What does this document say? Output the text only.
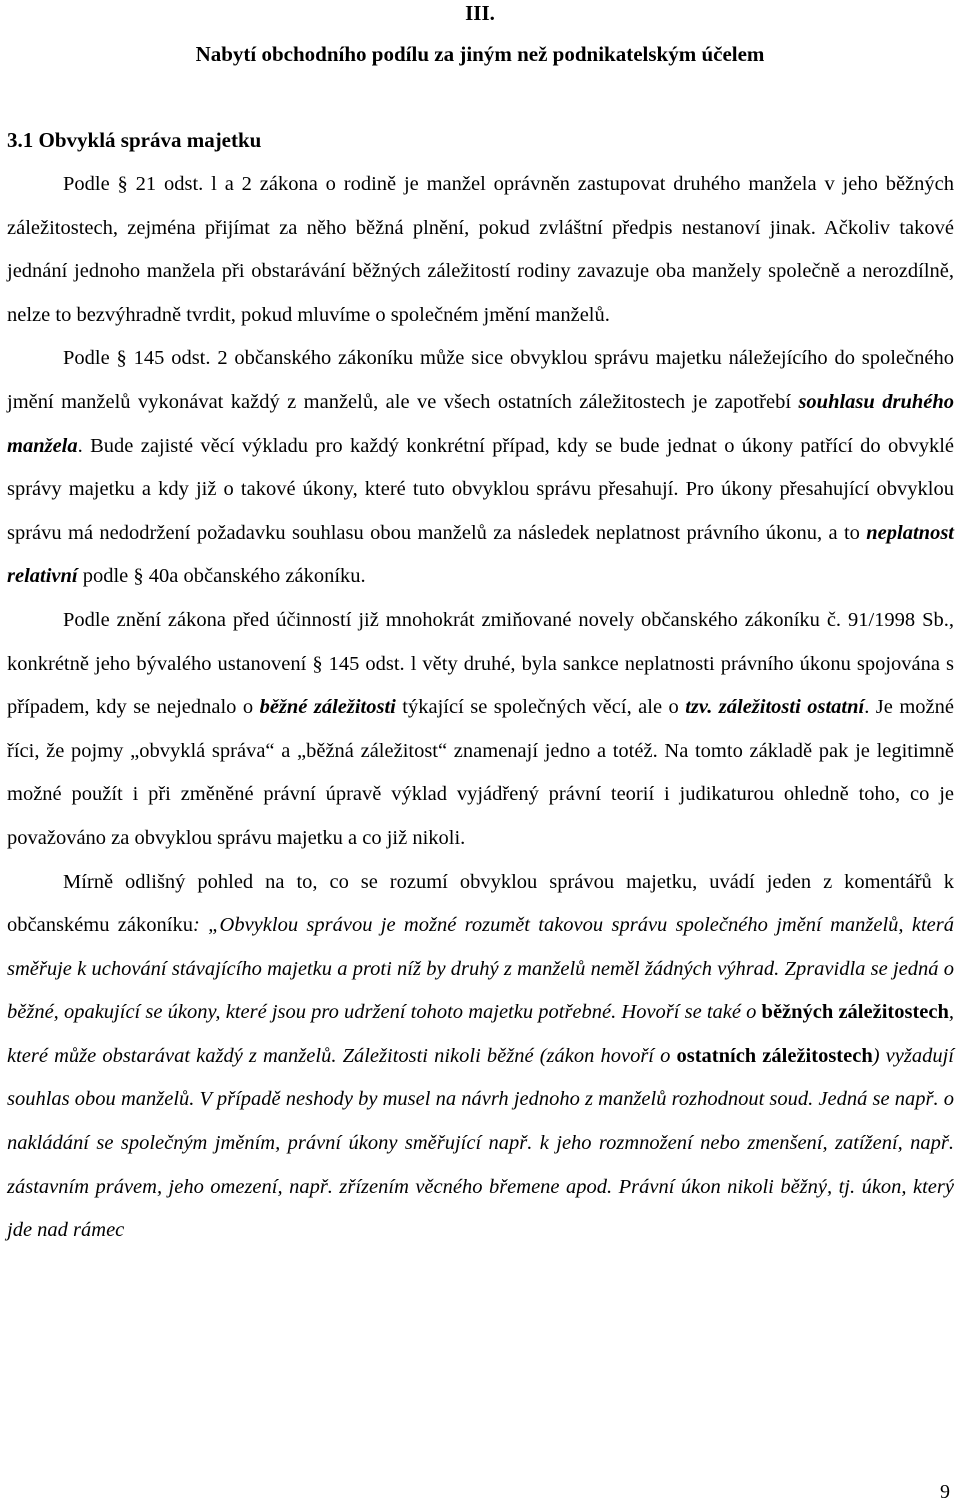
III.
Nabytí obchodního podílu za jiným než podnikatelským účelem
3.1 Obvyklá správa majetku

Podle § 21 odst. l a 2 zákona o rodině je manžel oprávněn zastupovat druhého manžela v jeho běžných záležitostech, zejména přijímat za něho běžná plnění, pokud zvláštní předpis nestanoví jinak. Ačkoliv takové jednání jednoho manžela při obstarávání běžných záležitostí rodiny zavazuje oba manžely společně a nerozdílně, nelze to bezvýhradně tvrdit, pokud mluvíme o společném jmění manželů.

Podle § 145 odst. 2 občanského zákoníku může sice obvyklou správu majetku náležejícího do společného jmění manželů vykonávat každý z manželů, ale ve všech ostatních záležitostech je zapotřebí souhlasu druhého manžela. Bude zajisté věcí výkladu pro každý konkrétní případ, kdy se bude jednat o úkony patřící do obvyklé správy majetku a kdy již o takové úkony, které tuto obvyklou správu přesahují. Pro úkony přesahující obvyklou správu má nedodržení požadavku souhlasu obou manželů za následek neplatnost právního úkonu, a to neplatnost relativní podle § 40a občanského zákoníku.

Podle znění zákona před účinností již mnohokrát zmiňované novely občanského zákoníku č. 91/1998 Sb., konkrétně jeho bývalého ustanovení § 145 odst. l věty druhé, byla sankce neplatnosti právního úkonu spojována s případem, kdy se nejednalo o běžné záležitosti týkající se společných věcí, ale o tzv. záležitosti ostatní. Je možné říci, že pojmy „obvyklá správa“ a „běžná záležitost“ znamenají jedno a totéž. Na tomto základě pak je legitimně možné použít i při změněné právní úpravě výklad vyjádřený právní teorií i judikaturou ohledně toho, co je považováno za obvyklou správu majetku a co již nikoli.

Mírně odlišný pohled na to, co se rozumí obvyklou správou majetku, uvádí jeden z komentářů k občanskému zákoníku: „Obvyklou správou je možné rozumět takovou správu společného jmění manželů, která směřuje k uchování stávajícího majetku a proti níž by druhý z manželů neměl žádných výhrad. Zpravidla se jedná o běžné, opakující se úkony, které jsou pro udržení tohoto majetku potřebné. Hovoří se také o běžných záležitostech, které může obstarávat každý z manželů. Záležitosti nikoli běžné (zákon hovoří o ostatních záležitostech) vyžadují souhlas obou manželů. V případě neshody by musel na návrh jednoho z manželů rozhodnout soud. Jedná se např. o nakládání se společným jměním, právní úkony směřující např. k jeho rozmnožení nebo zmenšení, zatížení, např. zástavním právem, jeho omezení, např. zřízením věcného břemene apod. Právní úkon nikoli běžný, tj. úkon, který jde nad rámec

9
